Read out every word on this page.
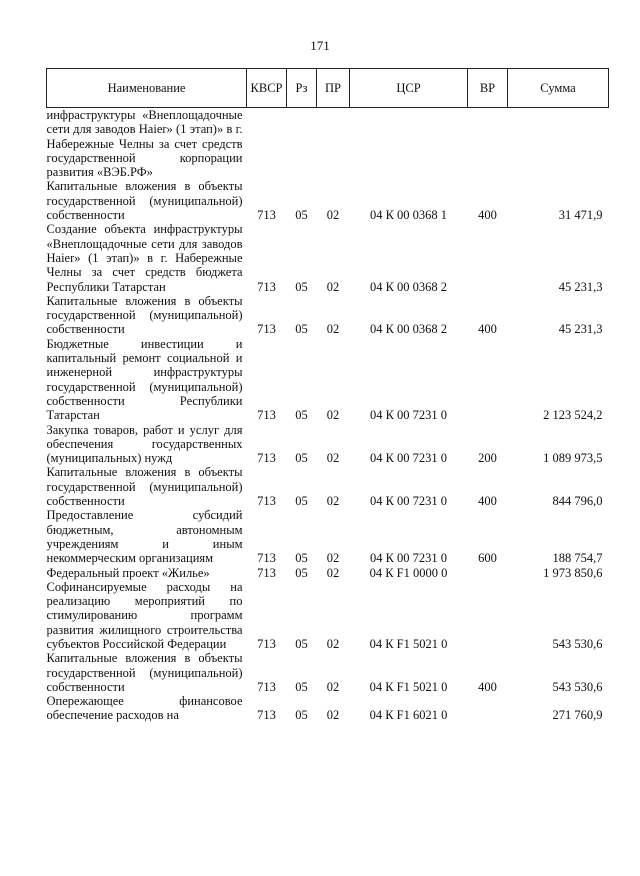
171
Наименование	КВСР	Рз	ПР	ЦСР	ВР	Сумма
инфраструктуры «Внеплощадочные сети для заводов Haier» (1 этап)» в г. Набережные Челны за счет средств государственной корпорации развития «ВЭБ.РФ»						
Капитальные вложения в объекты государственной (муниципальной) собственности	713	05	02	04 К 00 0368 1	400	31 471,9
Создание объекта инфраструктуры «Внеплощадочные сети для заводов Haier» (1 этап)» в г. Набережные Челны за счет средств бюджета Республики Татарстан	713	05	02	04 К 00 0368 2		45 231,3
Капитальные вложения в объекты государственной (муниципальной) собственности	713	05	02	04 К 00 0368 2	400	45 231,3
Бюджетные инвестиции и капитальный ремонт социальной и инженерной инфраструктуры государственной (муниципальной) собственности Республики Татарстан	713	05	02	04 К 00 7231 0		2 123 524,2
Закупка товаров, работ и услуг для обеспечения государственных (муниципальных) нужд	713	05	02	04 К 00 7231 0	200	1 089 973,5
Капитальные вложения в объекты государственной (муниципальной) собственности	713	05	02	04 К 00 7231 0	400	844 796,0
Предоставление субсидий бюджетным, автономным учреждениям и иным некоммерческим организациям	713	05	02	04 К 00 7231 0	600	188 754,7
Федеральный проект «Жилье»	713	05	02	04 К F1 0000 0		1 973 850,6
Софинансируемые расходы на реализацию мероприятий по стимулированию программ развития жилищного строительства субъектов Российской Федерации	713	05	02	04 К F1 5021 0		543 530,6
Капитальные вложения в объекты государственной (муниципальной) собственности	713	05	02	04 К F1 5021 0	400	543 530,6
Опережающее финансовое обеспечение расходов на	713	05	02	04 К F1 6021 0		271 760,9
